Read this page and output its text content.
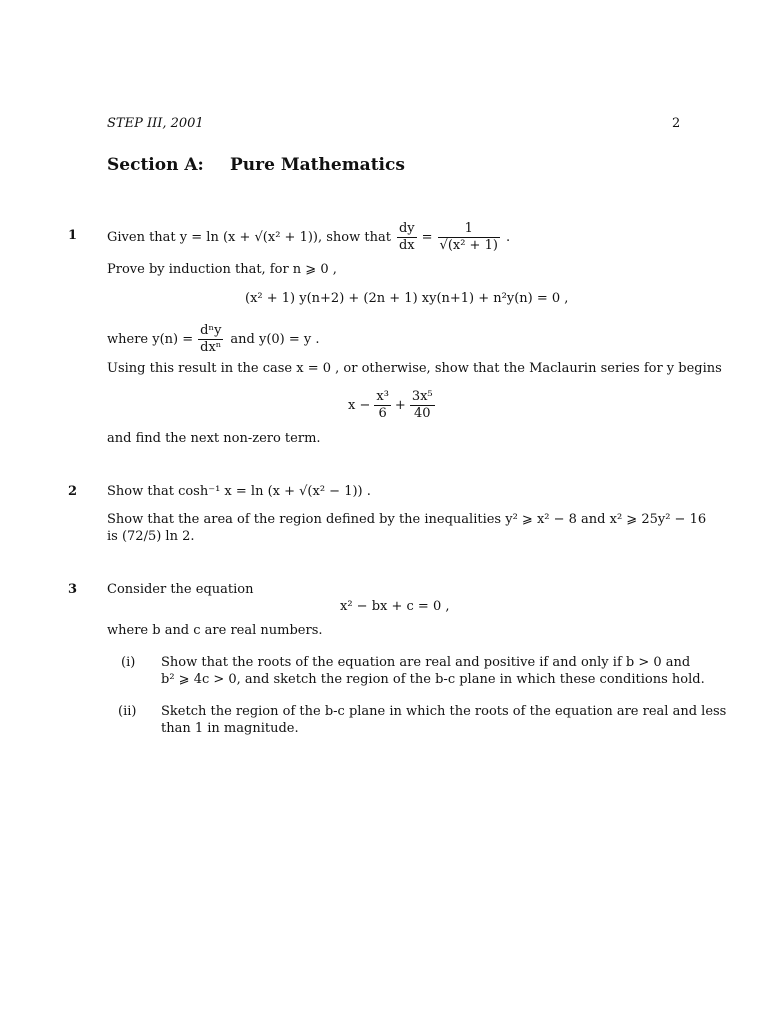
STEP III, 2001	2
Section A: Pure Mathematics
1 Given that y = ln (x + √(x² + 1)), show that $\frac{dy}{dx} = \frac{1}{\text{√(x² + 1)}}$ .
Prove by induction that, for n ⩾ 0 ,
(x² + 1) y(n+2) + (2n + 1) xy(n+1) + n²y(n) = 0 ,
where $y(n) = \frac{\text{dⁿy}}{\text{dxⁿ}}$ and y(0) = y .
Using this result in the case x = 0 , or otherwise, show that the Maclaurin series for y begins
$x - \frac{\text{x³}}{6} + \frac{\text{3x⁵}}{40}$
and find the next non-zero term.
2 Show that cosh⁻¹ x = ln (x + √(x² − 1)) .
Show that the area of the region defined by the inequalities y² ⩾ x² − 8 and x² ⩾ 25y² − 16
is (72/5) ln 2.
3 Consider the equation
x² − bx + c = 0 ,
where b and c are real numbers.
(i) Show that the roots of the equation are real and positive if and only if b > 0 and
b² ⩾ 4c > 0, and sketch the region of the b-c plane in which these conditions hold.
(ii) Sketch the region of the b-c plane in which the roots of the equation are real and less
than 1 in magnitude.
